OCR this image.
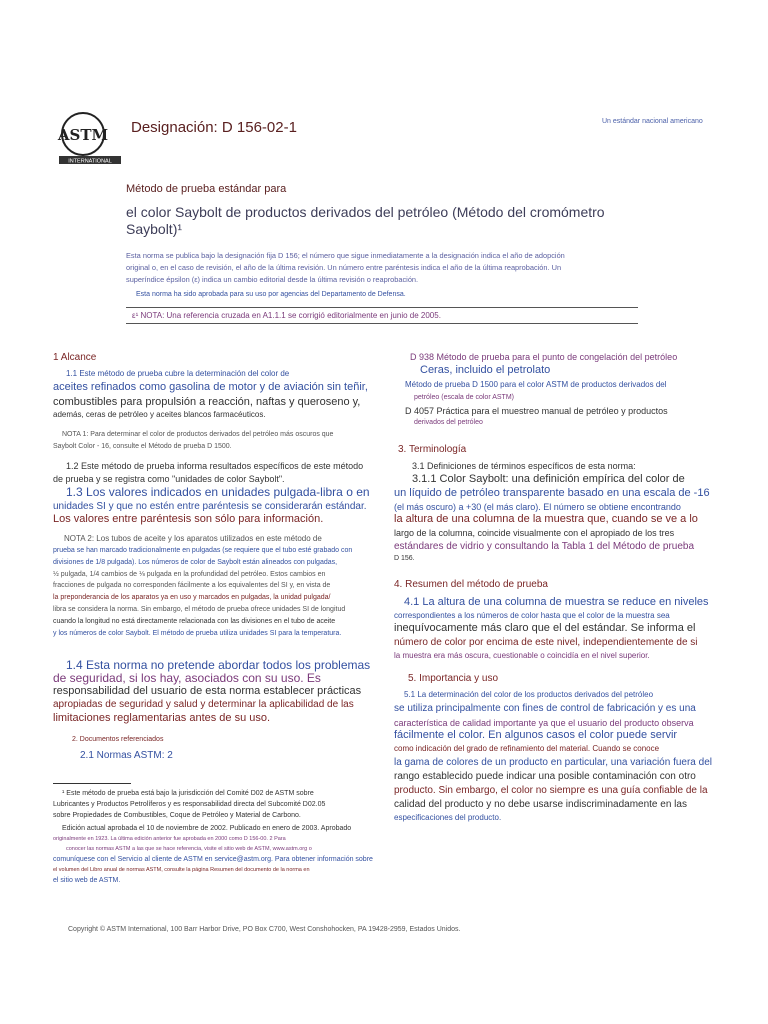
ASTM
INTERNATIONAL

Designación: D 156-02-1	Un estándar nacional americano

Método de prueba estándar para

el color Saybolt de productos derivados del petróleo (Método del cromómetro
Saybolt)¹

Esta norma se publica bajo la designación fija D 156; el número que sigue inmediatamente a la designación indica el año de adopción
original o, en el caso de revisión, el año de la última revisión. Un número entre paréntesis indica el año de la última reaprobación. Un
superíndice épsilon (ε) indica un cambio editorial desde la última revisión o reaprobación.

Esta norma ha sido aprobada para su uso por agencias del Departamento de Defensa.

ε¹ NOTA: Una referencia cruzada en A1.1.1 se corrigió editorialmente en junio de 2005.

1 Alcance

1.1 Este método de prueba cubre la determinación del color de

aceites refinados como gasolina de motor y de aviación sin teñir,

combustibles para propulsión a reacción, naftas y queroseno y,

además, ceras de petróleo y aceites blancos farmacéuticos.

NOTA 1: Para determinar el color de productos derivados del petróleo más oscuros que

Saybolt Color - 16, consulte el Método de prueba D 1500.

1.2 Este método de prueba informa resultados específicos de este método

de prueba y se registra como "unidades de color Saybolt".

1.3 Los valores indicados en unidades pulgada-libra o en

unidades SI y que no estén entre paréntesis se considerarán estándar.

Los valores entre paréntesis son sólo para información.

NOTA 2: Los tubos de aceite y los aparatos utilizados en este método de

prueba se han marcado tradicionalmente en pulgadas (se requiere que el tubo esté grabado con

divisiones de 1/8 pulgada). Los números de color de Saybolt están alineados con pulgadas,

½ pulgada, 1/4 cambios de ⅛ pulgada en la profundidad del petróleo. Estos cambios en

fracciones de pulgada no corresponden fácilmente a los equivalentes del SI y, en vista de

la preponderancia de los aparatos ya en uso y marcados en pulgadas, la unidad pulgada/

libra se considera la norma. Sin embargo, el método de prueba ofrece unidades SI de longitud

cuando la longitud no está directamente relacionada con las divisiones en el tubo de aceite

y los números de color Saybolt. El método de prueba utiliza unidades SI para la temperatura.

1.4 Esta norma no pretende abordar todos los problemas

de seguridad, si los hay, asociados con su uso. Es

responsabilidad del usuario de esta norma establecer prácticas

apropiadas de seguridad y salud y determinar la aplicabilidad de las

limitaciones reglamentarias antes de su uso.

2. Documentos referenciados

2.1 Normas ASTM: 2

¹ Este método de prueba está bajo la jurisdicción del Comité D02 de ASTM sobre

Lubricantes y Productos Petrolíferos y es responsabilidad directa del Subcomité D02.05

sobre Propiedades de Combustibles, Coque de Petróleo y Material de Carbono.

Edición actual aprobada el 10 de noviembre de 2002. Publicado en enero de 2003. Aprobado

originalmente en 1923. La última edición anterior fue aprobada en 2000 como D 156-00. 2 Para

conocer las normas ASTM a las que se hace referencia, visite el sitio web de ASTM, www.astm.org o

comuníquese con el Servicio al cliente de ASTM en service@astm.org. Para obtener información sobre

el volumen del Libro anual de normas ASTM, consulte la página Resumen del documento de la norma en

el sitio web de ASTM.

D 938 Método de prueba para el punto de congelación del petróleo

Ceras, incluido el petrolato

Método de prueba D 1500 para el color ASTM de productos derivados del

petróleo (escala de color ASTM)

D 4057 Práctica para el muestreo manual de petróleo y productos

derivados del petróleo

3. Terminología

3.1 Definiciones de términos específicos de esta norma:

3.1.1 Color Saybolt: una definición empírica del color de

un líquido de petróleo transparente basado en una escala de -16

(el más oscuro) a +30 (el más claro). El número se obtiene encontrando

la altura de una columna de la muestra que, cuando se ve a lo

largo de la columna, coincide visualmente con el apropiado de los tres

estándares de vidrio y consultando la Tabla 1 del Método de prueba

D 156.

4. Resumen del método de prueba

4.1 La altura de una columna de muestra se reduce en niveles

correspondientes a los números de color hasta que el color de la muestra sea

inequívocamente más claro que el del estándar. Se informa el

número de color por encima de este nivel, independientemente de si

la muestra era más oscura, cuestionable o coincidía en el nivel superior.

5. Importancia y uso

5.1 La determinación del color de los productos derivados del petróleo

se utiliza principalmente con fines de control de fabricación y es una

característica de calidad importante ya que el usuario del producto observa

fácilmente el color. En algunos casos el color puede servir

como indicación del grado de refinamiento del material. Cuando se conoce

la gama de colores de un producto en particular, una variación fuera del

rango establecido puede indicar una posible contaminación con otro

producto. Sin embargo, el color no siempre es una guía confiable de la

calidad del producto y no debe usarse indiscriminadamente en las

especificaciones del producto.

Copyright © ASTM International, 100 Barr Harbor Drive, PO Box C700, West Conshohocken, PA 19428-2959, Estados Unidos.
